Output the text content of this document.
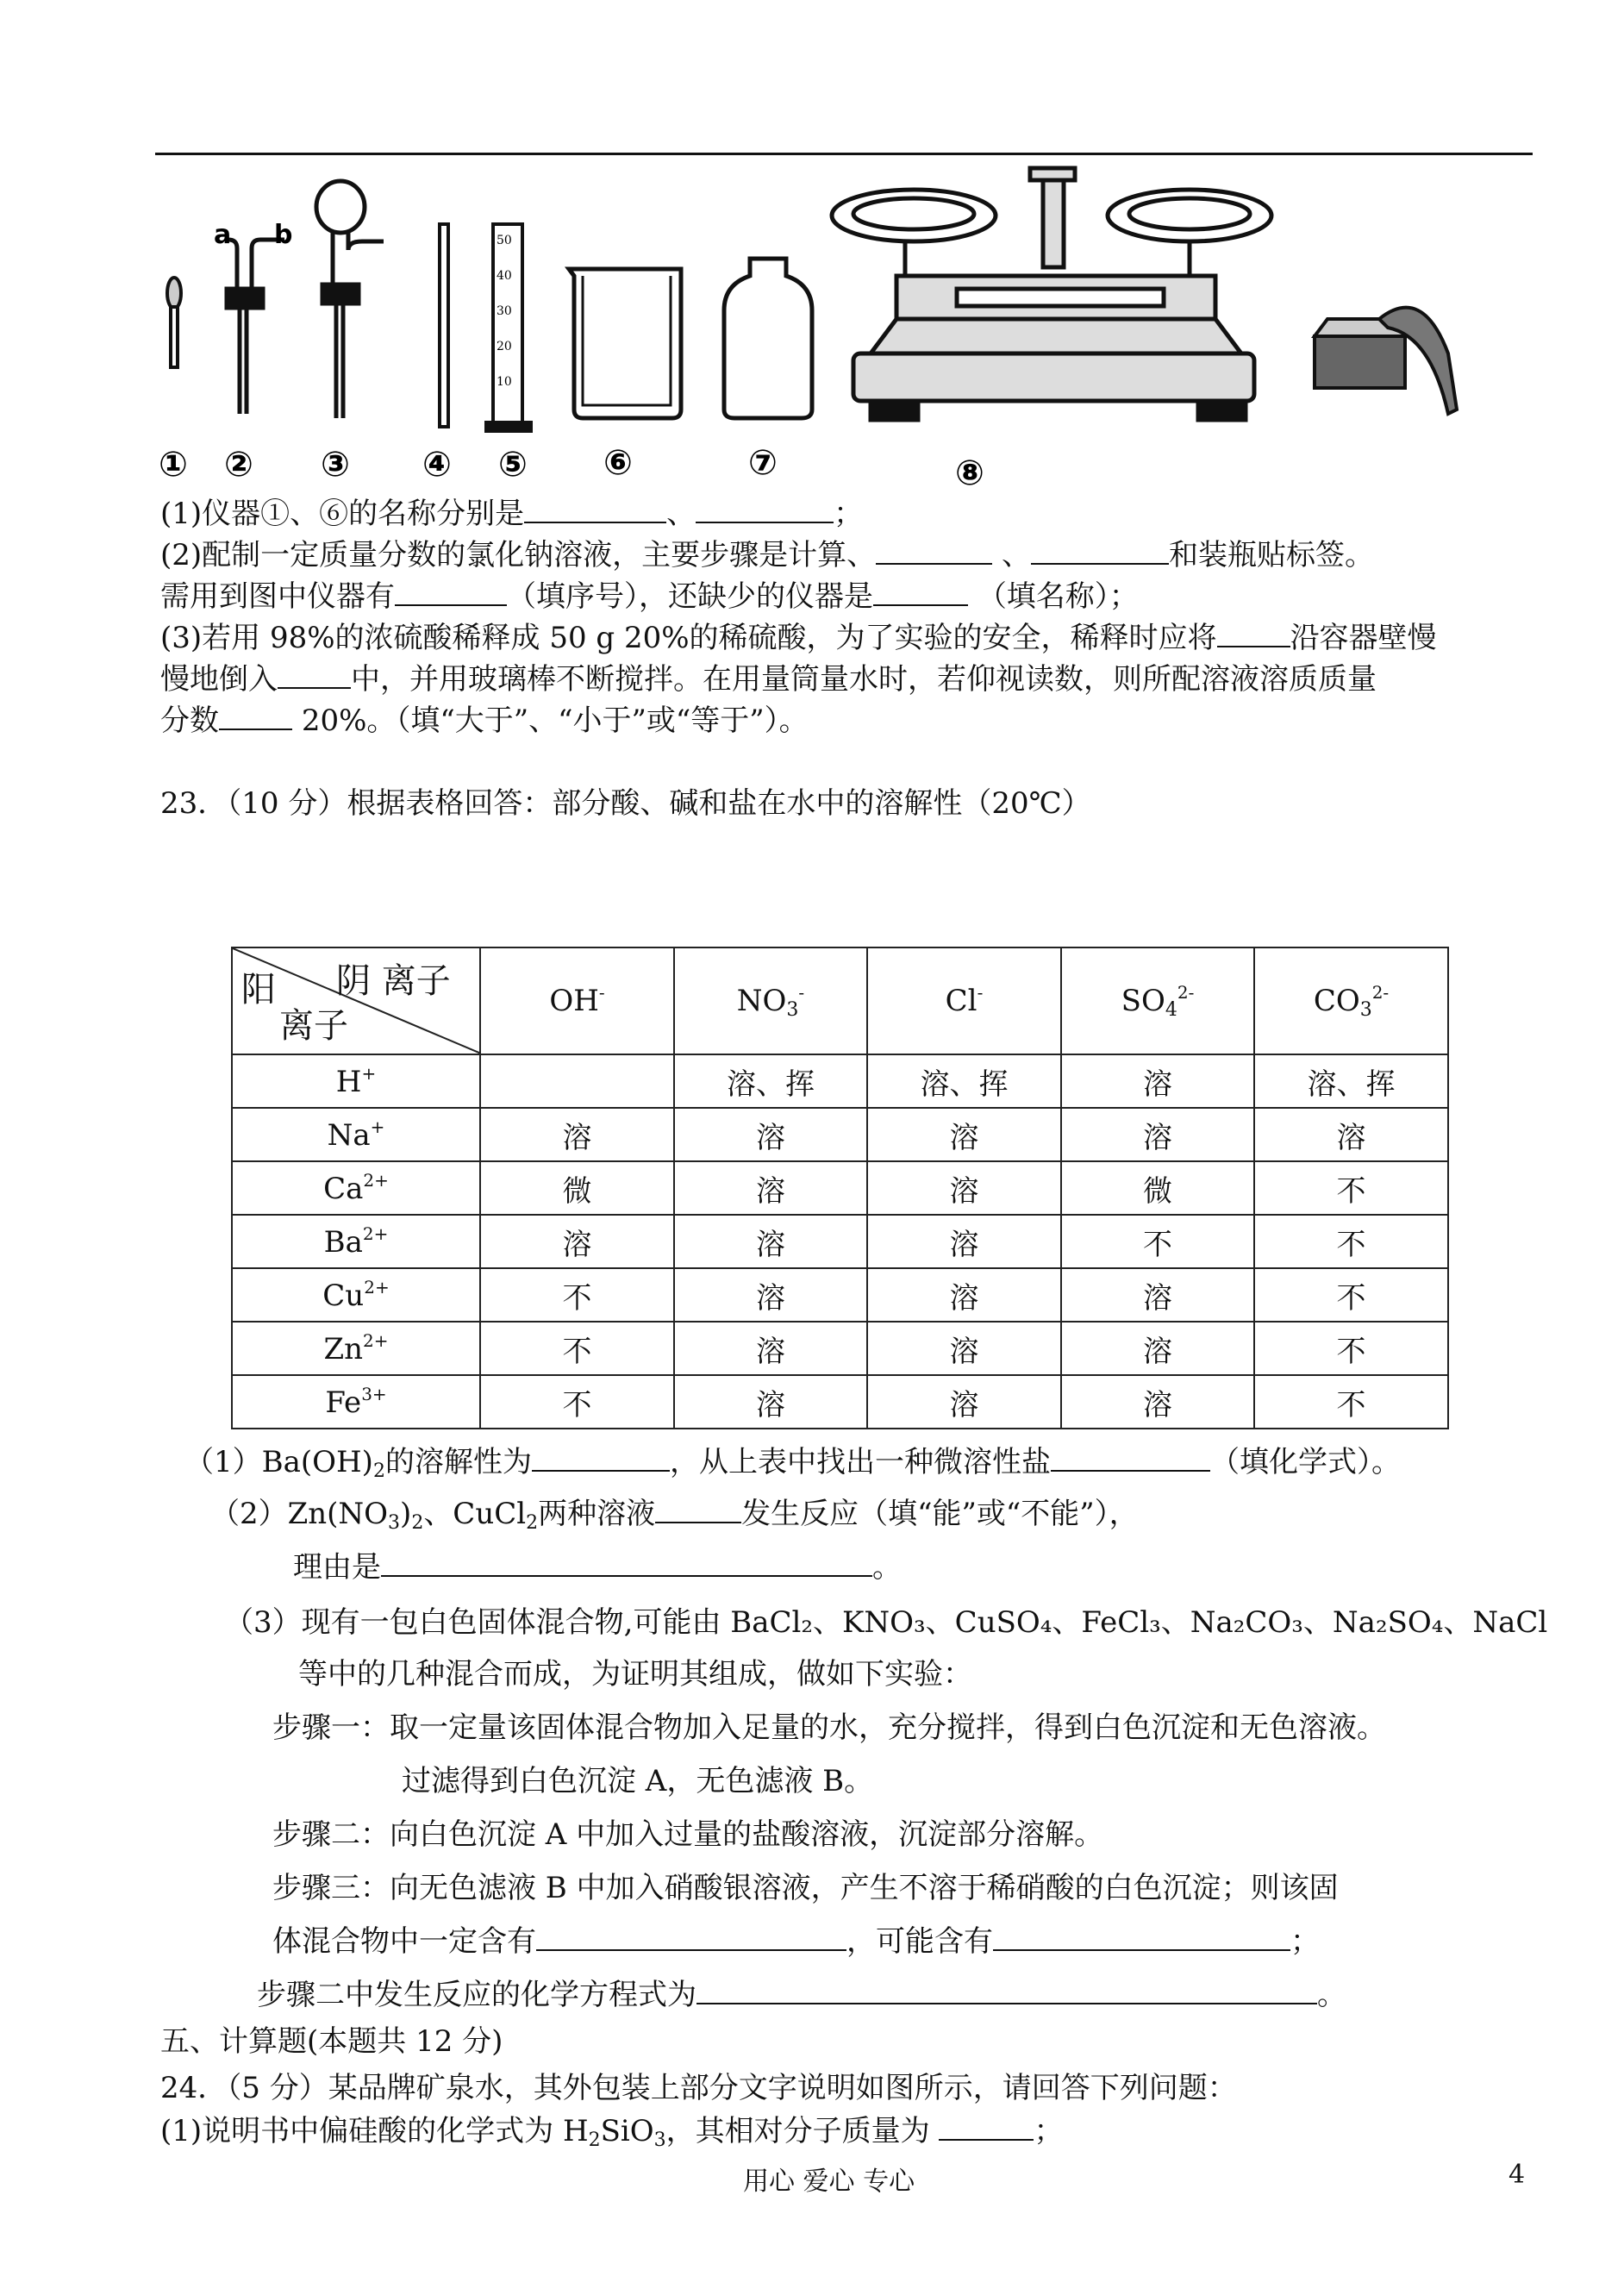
a b	50
40
30
20
10
① ② ③ ④ ⑤ ⑥	⑦	⑧
(1)仪器①、⑥的名称分别是	、	；
(2)配制一定质量分数的氯化钠溶液，主要步骤是计算、	、	和装瓶贴标签。
需用到图中仪器有	（填序号），还缺少的仪器是	（填名称）；
(3)若用 98%的浓硫酸稀释成 50 g 20%的稀硫酸，为了实验的安全，稀释时应将	沿容器壁慢
慢地倒入	中，并用玻璃棒不断搅拌。在用量筒量水时，若仰视读数，则所配溶液溶质质量
分数	20%。（填“大于”、“小于”或“等于”）。
23．（10 分）根据表格回答：部分酸、碱和盐在水中的溶解性（20℃）
阴 离子
阳
离子	OH-	$NO_3^-$	Cl-	$SO_4^{2-}$	$CO_3^{2-}$
H+		溶、挥	溶、挥	溶	溶、挥
Na+	溶	溶	溶	溶	溶
$Ca^{2+}$	微	溶	溶	微	不
$Ba^{2+}$	溶	溶	溶	不	不
$Cu^{2+}$	不	溶	溶	溶	不
$Zn^{2+}$	不	溶	溶	溶	不
$Fe^{3+}$	不	溶	溶	溶	不
$(1)Ba(OH)_2$的溶解性为	，从上表中找出一种微溶性盐	（填化学式）。
$(2)Zn(NO_3)_2$、CuCl$_2$两种溶液	发生反应（填“能”或“不能”），
理由是	。
（3）现有一包白色固体混合物,可能由 BaCl₂、KNO₃、CuSO₄、FeCl₃、Na₂CO₃、Na₂SO₄、NaCl
等中的几种混合而成，为证明其组成，做如下实验：
步骤一：取一定量该固体混合物加入足量的水，充分搅拌，得到白色沉淀和无色溶液。
过滤得到白色沉淀 A，无色滤液 B。
步骤二：向白色沉淀 A 中加入过量的盐酸溶液，沉淀部分溶解。
步骤三：向无色滤液 B 中加入硝酸银溶液，产生不溶于稀硝酸的白色沉淀；则该固
体混合物中一定含有	，可能含有	；
步骤二中发生反应的化学方程式为	。
五、计算题(本题共 12 分)
24．（5 分）某品牌矿泉水，其外包装上部分文字说明如图所示，请回答下列问题：
(1)说明书中偏硅酸的化学式为 $H_2SiO_3$，其相对分子质量为	；
用心 爱心 专心	4
